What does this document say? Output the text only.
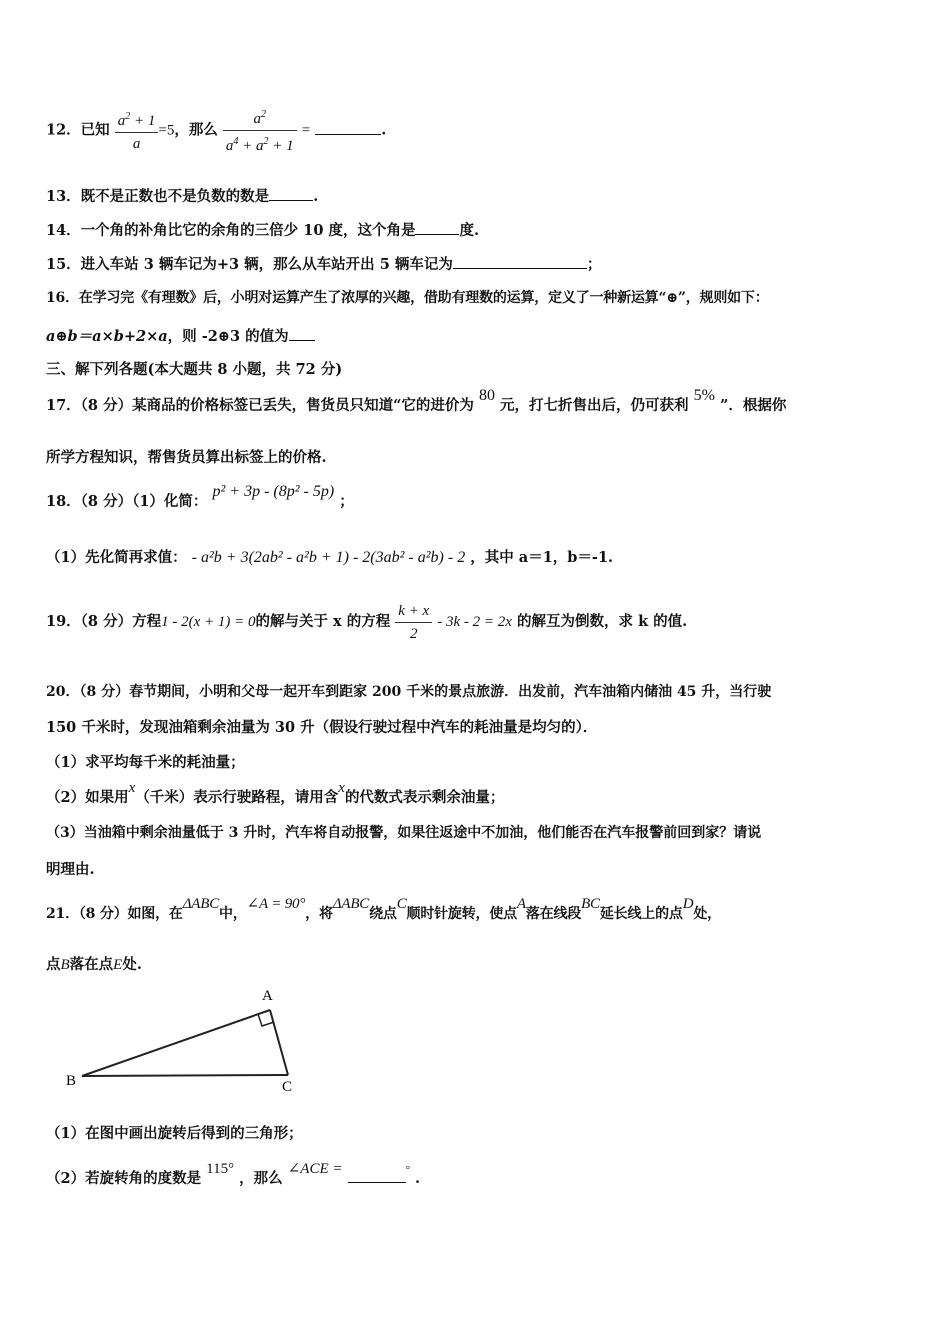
12．已知 $\frac{a^2 + 1}{a} =5$，那么 $\frac{a^2}{a^4 + a^2 + 1}$ =	.
13．既不是正数也不是负数的数是	.
14．一个角的补角比它的余角的三倍少 10 度，这个角是	度.
15．进入车站 3 辆车记为+3 辆，那么从车站开出 5 辆车记为	；
16．在学习完《有理数》后，小明对运算产生了浓厚的兴趣，借助有理数的运算，定义了一种新运算“⊕”，规则如下：
a⊕b＝a×b+2×a，则 -2⊕3 的值为
三、解下列各题(本大题共 8 小题，共 72 分)
17．（8 分）某商品的价格标签已丢失，售货员只知道“它的进价为 80 元，打七折售出后，仍可获利 5% ”．根据你
所学方程知识，帮售货员算出标签上的价格.
18．（8 分）（1）化简： p² + 3p - (8p² - 5p) ；
（1）先化简再求值： - a²b + 3(2ab² - a²b + 1) - 2(3ab² - a²b) - 2 ，其中 a＝1，b＝-1.
19．（8 分）方程1 - 2(x + 1) = 0的解与关于 x 的方程 $\frac{k + x}{2} - 3k - 2 = 2x$ 的解互为倒数，求 k 的值.
20．（8 分）春节期间，小明和父母一起开车到距家 200 千米的景点旅游．出发前，汽车油箱内储油 45 升，当行驶
150 千米时，发现油箱剩余油量为 30 升（假设行驶过程中汽车的耗油量是均匀的）．
（1）求平均每千米的耗油量；
（2）如果用x（千米）表示行驶路程，请用含x的代数式表示剩余油量；
（3）当油箱中剩余油量低于 3 升时，汽车将自动报警，如果往返途中不加油，他们能否在汽车报警前回到家？请说
明理由.
21．（8 分）如图，在ΔABC中，∠A = 90°，将ΔABC绕点C顺时针旋转，使点A落在线段BC延长线上的点D处，
点B落在点E处.
A
B	C
（1）在图中画出旋转后得到的三角形；
（2）若旋转角的度数是 115° ，那么 ∠ACE =	° .
